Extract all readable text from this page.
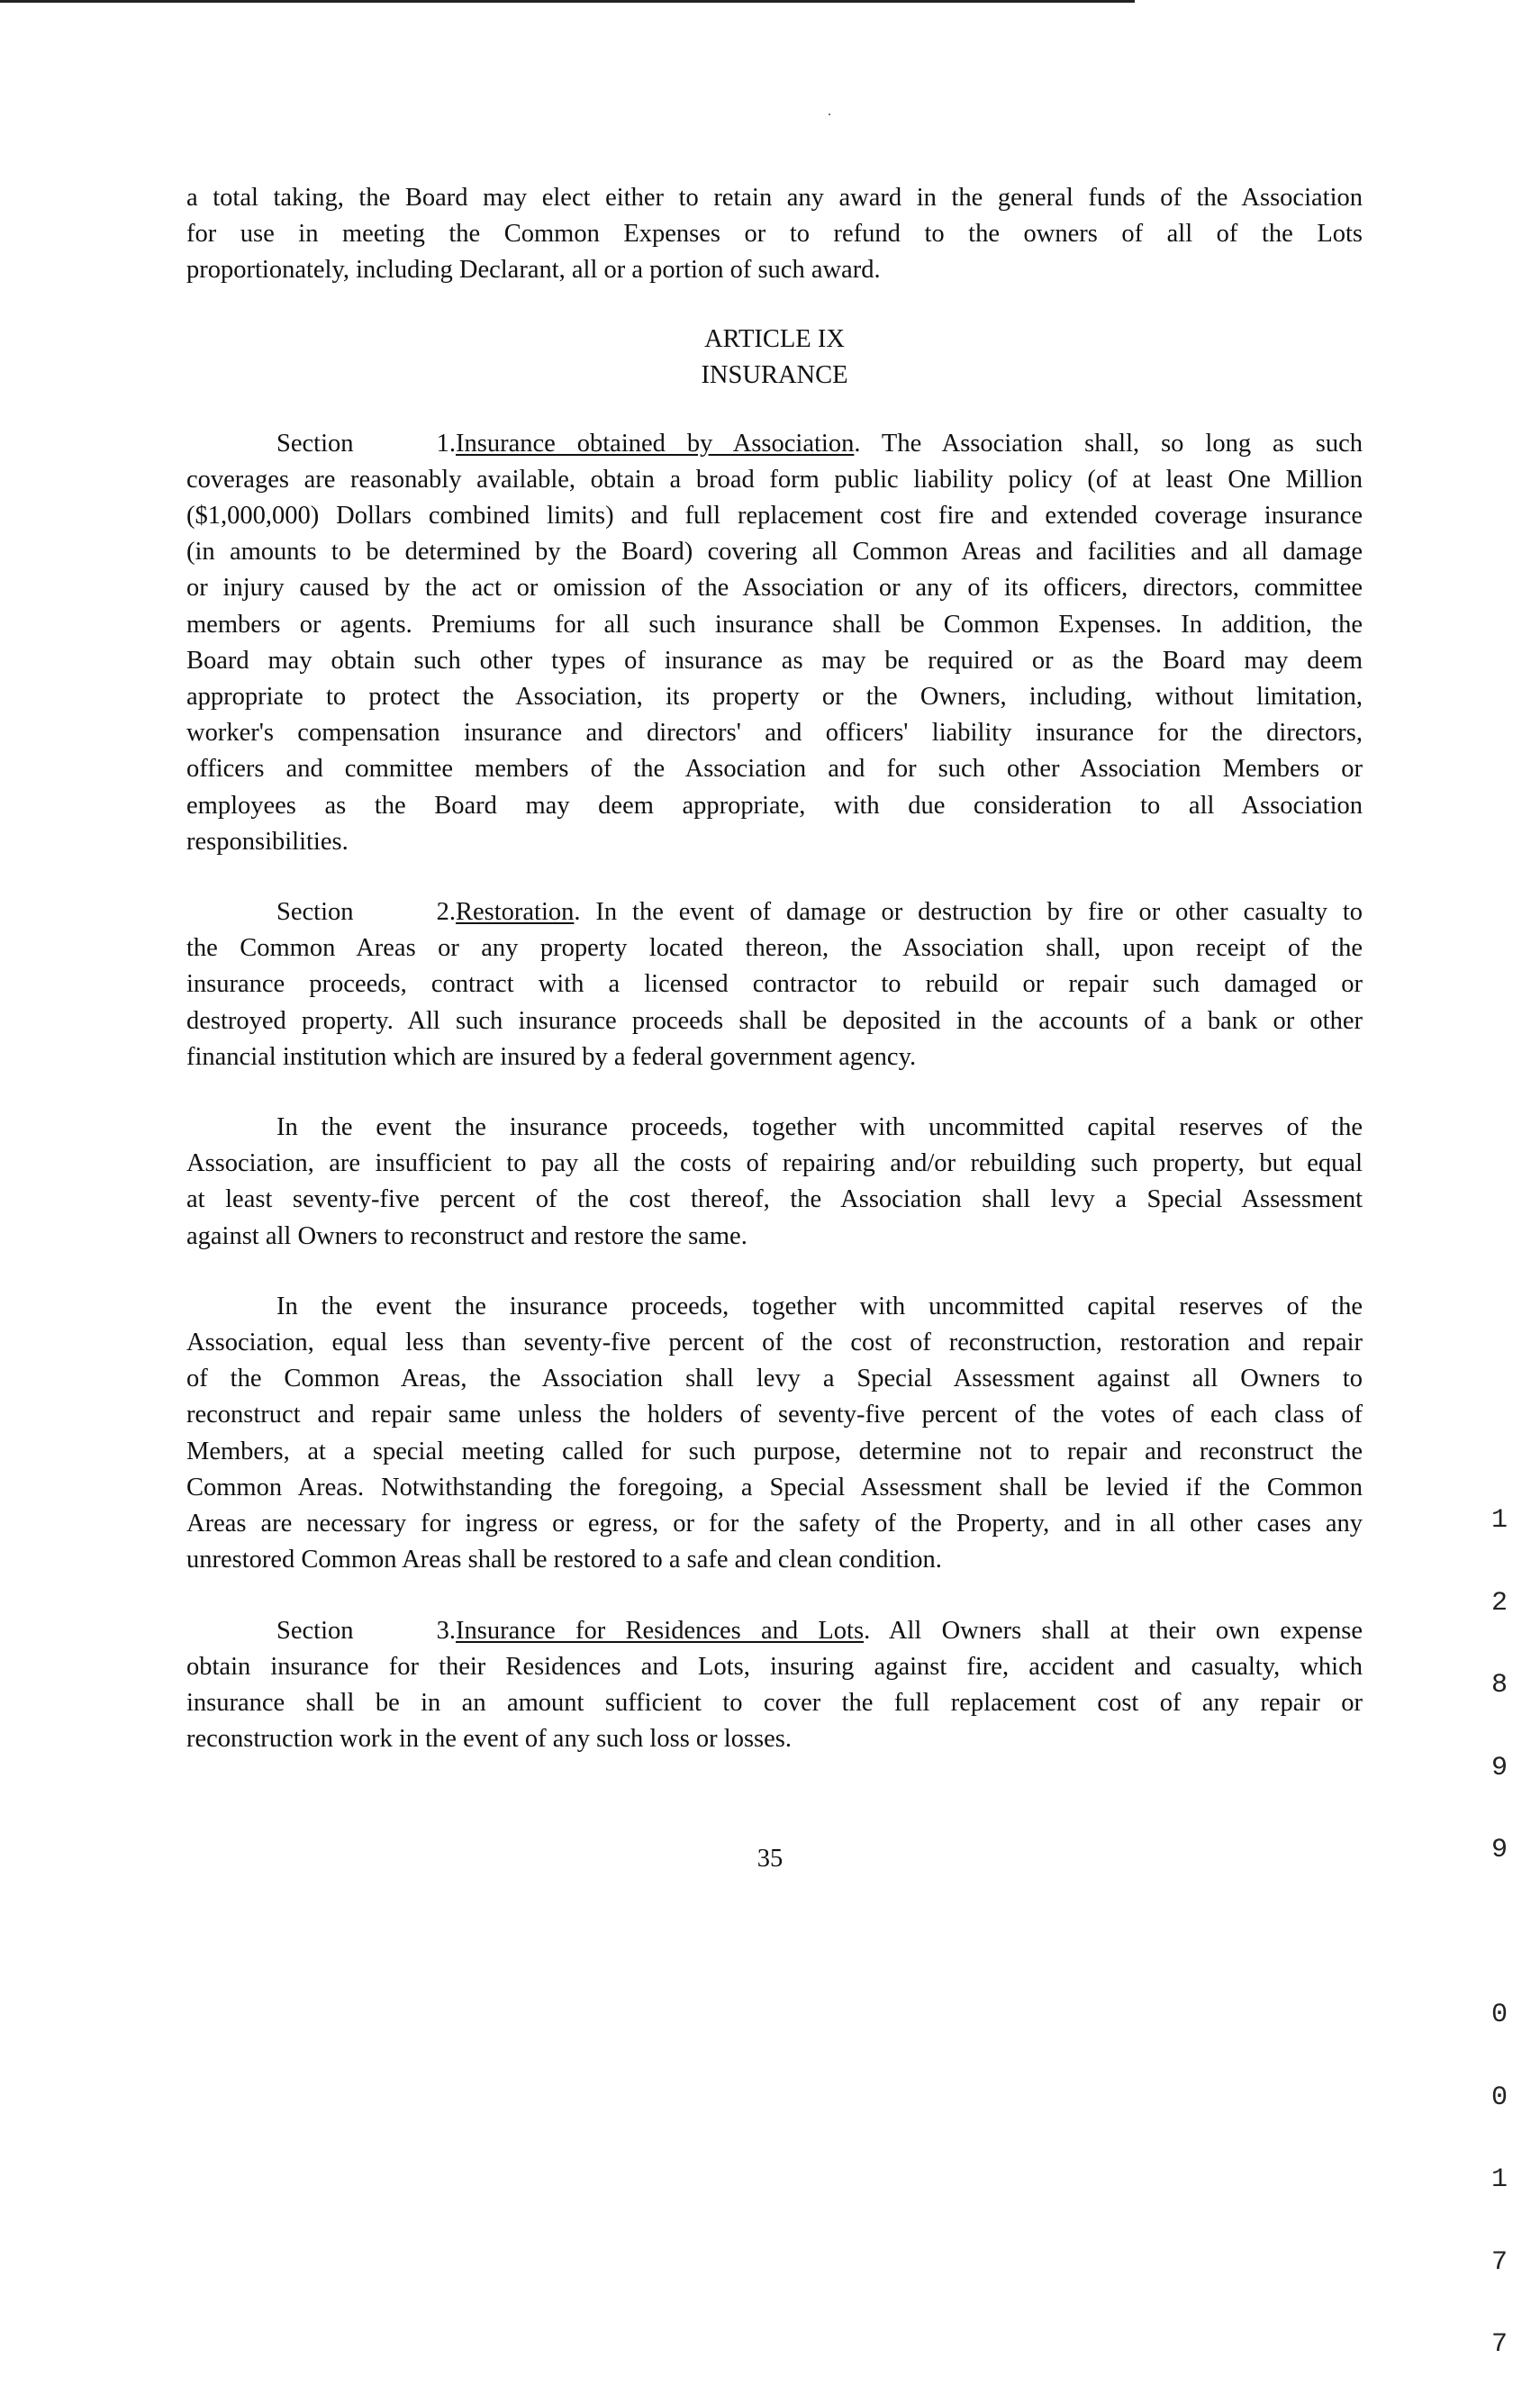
a total taking, the Board may elect either to retain any award in the general funds of the Association
for use in meeting the Common Expenses or to refund to the owners of all of the Lots
proportionately, including Declarant, all or a portion of such award.
ARTICLE IX
INSURANCE
Section 1.Insurance obtained by Association. The Association shall, so long as such
coverages are reasonably available, obtain a broad form public liability policy (of at least One Million
($1,000,000) Dollars combined limits) and full replacement cost fire and extended coverage insurance
(in amounts to be determined by the Board) covering all Common Areas and facilities and all damage
or injury caused by the act or omission of the Association or any of its officers, directors, committee
members or agents. Premiums for all such insurance shall be Common Expenses. In addition, the
Board may obtain such other types of insurance as may be required or as the Board may deem
appropriate to protect the Association, its property or the Owners, including, without limitation,
worker's compensation insurance and directors' and officers' liability insurance for the directors,
officers and committee members of the Association and for such other Association Members or
employees as the Board may deem appropriate, with due consideration to all Association
responsibilities.
Section 2.Restoration. In the event of damage or destruction by fire or other casualty to
the Common Areas or any property located thereon, the Association shall, upon receipt of the
insurance proceeds, contract with a licensed contractor to rebuild or repair such damaged or
destroyed property. All such insurance proceeds shall be deposited in the accounts of a bank or other
financial institution which are insured by a federal government agency.
In the event the insurance proceeds, together with uncommitted capital reserves of the
Association, are insufficient to pay all the costs of repairing and/or rebuilding such property, but equal
at least seventy-five percent of the cost thereof, the Association shall levy a Special Assessment
against all Owners to reconstruct and restore the same.
In the event the insurance proceeds, together with uncommitted capital reserves of the
Association, equal less than seventy-five percent of the cost of reconstruction, restoration and repair
of the Common Areas, the Association shall levy a Special Assessment against all Owners to
reconstruct and repair same unless the holders of seventy-five percent of the votes of each class of
Members, at a special meeting called for such purpose, determine not to repair and reconstruct the
Common Areas. Notwithstanding the foregoing, a Special Assessment shall be levied if the Common
Areas are necessary for ingress or egress, or for the safety of the Property, and in all other cases any
unrestored Common Areas shall be restored to a safe and clean condition.
Section 3.Insurance for Residences and Lots. All Owners shall at their own expense
obtain insurance for their Residences and Lots, insuring against fire, accident and casualty, which
insurance shall be in an amount sufficient to cover the full replacement cost of any repair or
reconstruction work in the event of any such loss or losses.
35

1

2

8

9

9

0

0

1

7

7
